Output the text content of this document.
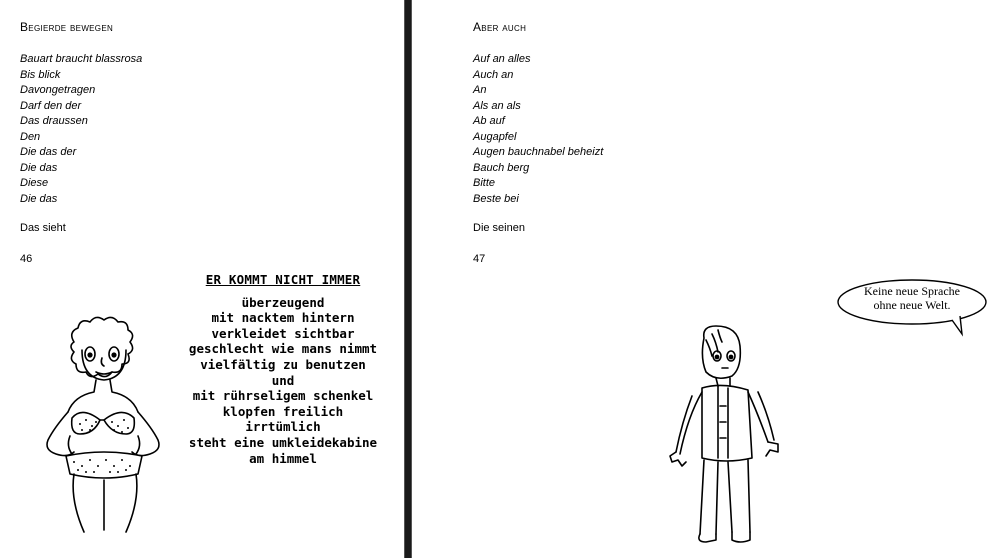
Begierde bewegen
Bauart braucht blassrosa
Bis blick
Davongetragen
Darf den der
Das draussen
Den
Die das der
Die das
Diese
Die das
Das sieht
46
ER KOMMT NICHT IMMER
überzeugend
mit nacktem hintern
verkleidet sichtbar
geschlecht wie mans nimmt
vielfältig zu benutzen
und
mit rührseligem schenkel
klopfen freilich
irrtümlich
steht eine umkleidekabine
am himmel
Aber auch
Auf an alles
Auch an
An
Als an als
Ab auf
Augapfel
Augen bauchnabel beheizt
Bauch berg
Bitte
Beste bei
Die seinen
47
Keine neue Sprache
ohne neue Welt.
